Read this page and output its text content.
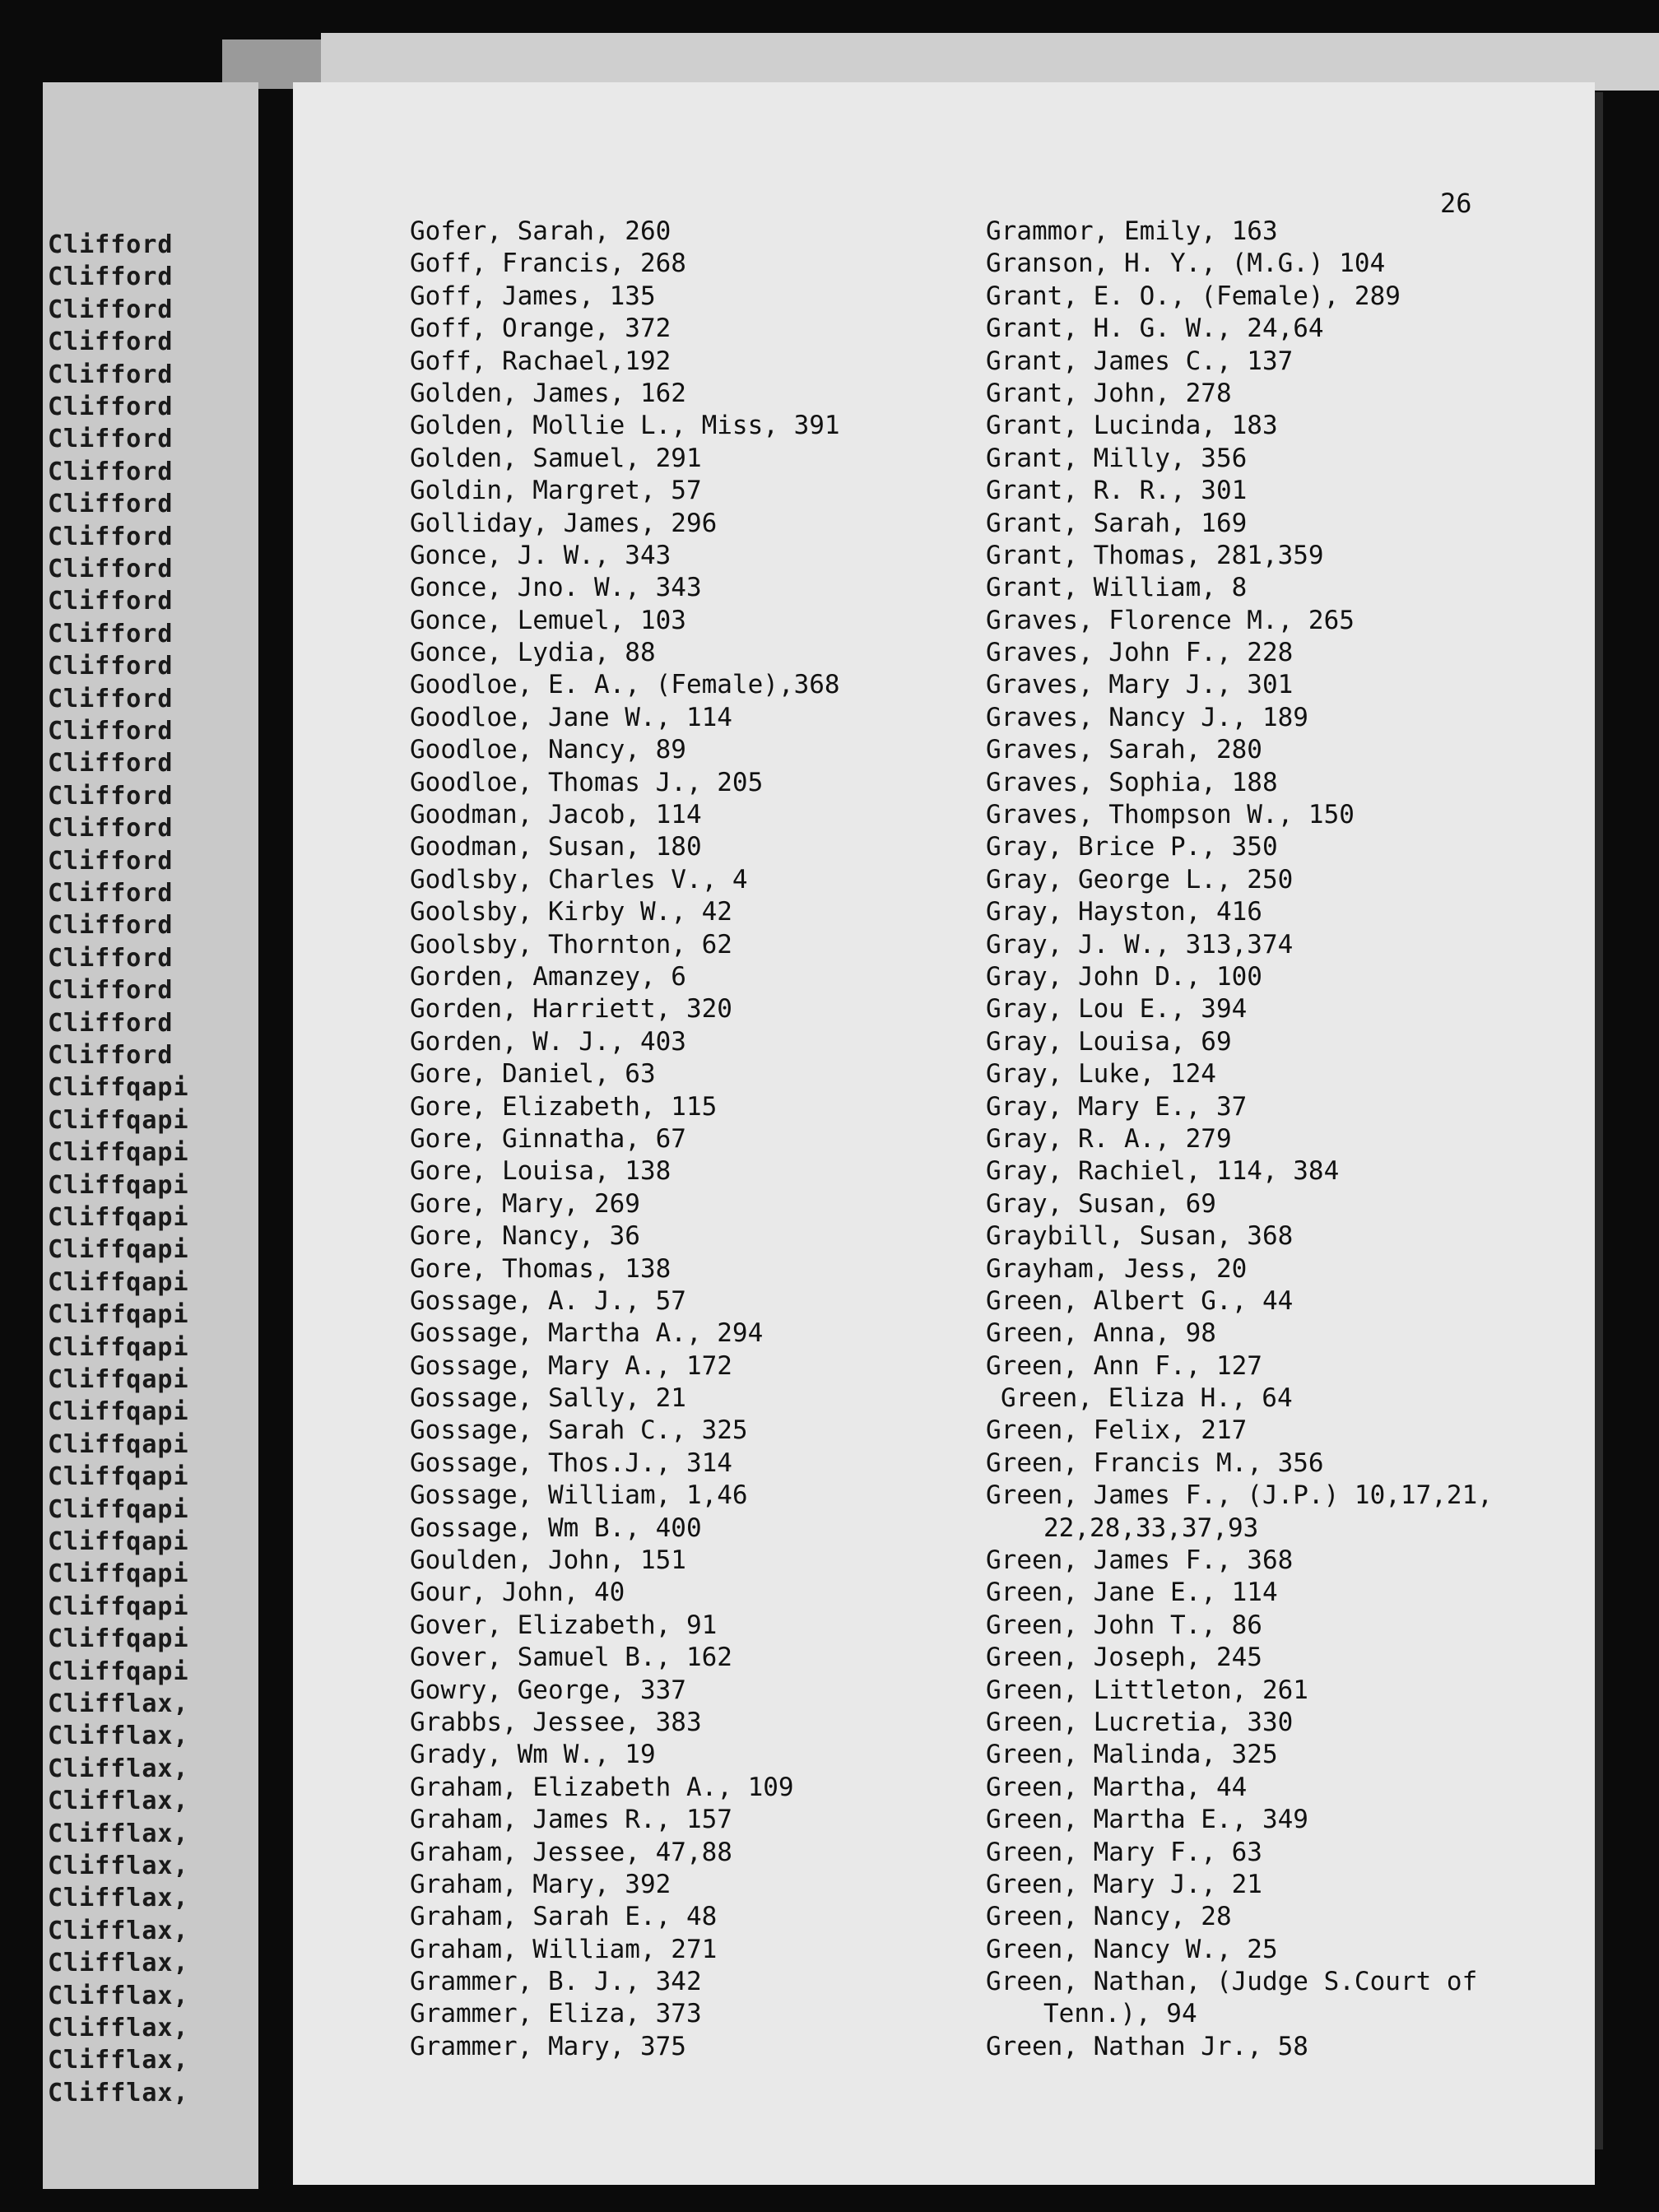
Clifford
Clifford
Clifford
Clifford
Clifford
Clifford
Clifford
Clifford
Clifford
Clifford
Clifford
Clifford
Clifford
Clifford
Clifford
Clifford
Clifford
Clifford
Clifford
Clifford
Clifford
Clifford
Clifford
Clifford
Clifford
Clifford
Cliffqapi
Cliffqapi
Cliffqapi
Cliffqapi
Cliffqapi
Cliffqapi
Cliffqapi
Cliffqapi
Cliffqapi
Cliffqapi
Cliffqapi
Cliffqapi
Cliffqapi
Cliffqapi
Cliffqapi
Cliffqapi
Cliffqapi
Cliffqapi
Cliffqapi
Clifflax,
Clifflax,
Clifflax,
Clifflax,
Clifflax,
Clifflax,
Clifflax,
Clifflax,
Clifflax,
Clifflax,
Clifflax,
Clifflax,
Clifflax,
26
Gofer, Sarah, 260
Goff, Francis, 268
Goff, James, 135
Goff, Orange, 372
Goff, Rachael,192
Golden, James, 162
Golden, Mollie L., Miss, 391
Golden, Samuel, 291
Goldin, Margret, 57
Golliday, James, 296
Gonce, J. W., 343
Gonce, Jno. W., 343
Gonce, Lemuel, 103
Gonce, Lydia, 88
Goodloe, E. A., (Female),368
Goodloe, Jane W., 114
Goodloe, Nancy, 89
Goodloe, Thomas J., 205
Goodman, Jacob, 114
Goodman, Susan, 180
Godlsby, Charles V., 4
Goolsby, Kirby W., 42
Goolsby, Thornton, 62
Gorden, Amanzey, 6
Gorden, Harriett, 320
Gorden, W. J., 403
Gore, Daniel, 63
Gore, Elizabeth, 115
Gore, Ginnatha, 67
Gore, Louisa, 138
Gore, Mary, 269
Gore, Nancy, 36
Gore, Thomas, 138
Gossage, A. J., 57
Gossage, Martha A., 294
Gossage, Mary A., 172
Gossage, Sally, 21
Gossage, Sarah C., 325
Gossage, Thos.J., 314
Gossage, William, 1,46
Gossage, Wm B., 400
Goulden, John, 151
Gour, John, 40
Gover, Elizabeth, 91
Gover, Samuel B., 162
Gowry, George, 337
Grabbs, Jessee, 383
Grady, Wm W., 19
Graham, Elizabeth A., 109
Graham, James R., 157
Graham, Jessee, 47,88
Graham, Mary, 392
Graham, Sarah E., 48
Graham, William, 271
Grammer, B. J., 342
Grammer, Eliza, 373
Grammer, Mary, 375
Grammor, Emily, 163
Granson, H. Y., (M.G.) 104
Grant, E. O., (Female), 289
Grant, H. G. W., 24,64
Grant, James C., 137
Grant, John, 278
Grant, Lucinda, 183
Grant, Milly, 356
Grant, R. R., 301
Grant, Sarah, 169
Grant, Thomas, 281,359
Grant, William, 8
Graves, Florence M., 265
Graves, John F., 228
Graves, Mary J., 301
Graves, Nancy J., 189
Graves, Sarah, 280
Graves, Sophia, 188
Graves, Thompson W., 150
Gray, Brice P., 350
Gray, George L., 250
Gray, Hayston, 416
Gray, J. W., 313,374
Gray, John D., 100
Gray, Lou E., 394
Gray, Louisa, 69
Gray, Luke, 124
Gray, Mary E., 37
Gray, R. A., 279
Gray, Rachiel, 114, 384
Gray, Susan, 69
Graybill, Susan, 368
Grayham, Jess, 20
Green, Albert G., 44
Green, Anna, 98
Green, Ann F., 127
Green, Eliza H., 64
Green, Felix, 217
Green, Francis M., 356
Green, James F., (J.P.) 10,17,21,
22,28,33,37,93
Green, James F., 368
Green, Jane E., 114
Green, John T., 86
Green, Joseph, 245
Green, Littleton, 261
Green, Lucretia, 330
Green, Malinda, 325
Green, Martha, 44
Green, Martha E., 349
Green, Mary F., 63
Green, Mary J., 21
Green, Nancy, 28
Green, Nancy W., 25
Green, Nathan, (Judge S.Court of
Tenn.), 94
Green, Nathan Jr., 58
